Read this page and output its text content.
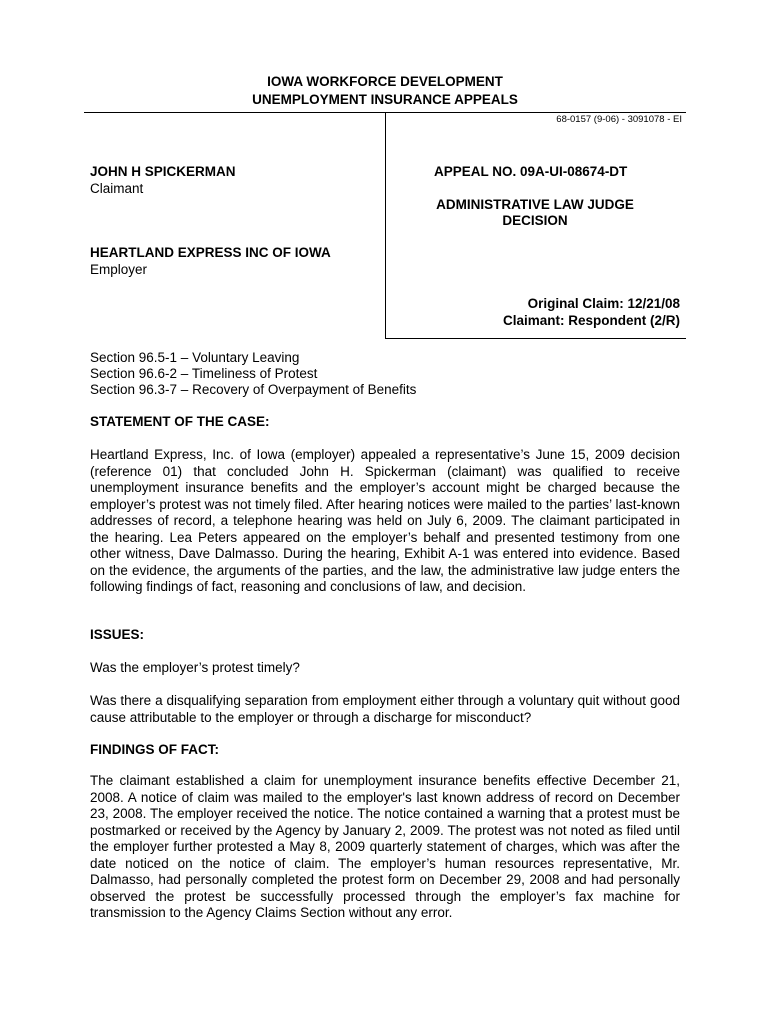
IOWA WORKFORCE DEVELOPMENT
UNEMPLOYMENT INSURANCE APPEALS
68-0157 (9-06) - 3091078 - EI
JOHN H SPICKERMAN
Claimant
HEARTLAND EXPRESS INC OF IOWA
Employer
APPEAL NO. 09A-UI-08674-DT
ADMINISTRATIVE LAW JUDGE
DECISION
Original Claim: 12/21/08
Claimant: Respondent (2/R)
Section 96.5-1 – Voluntary Leaving
Section 96.6-2 – Timeliness of Protest
Section 96.3-7 – Recovery of Overpayment of Benefits
STATEMENT OF THE CASE:
Heartland Express, Inc. of Iowa (employer) appealed a representative’s June 15, 2009 decision (reference 01) that concluded John H. Spickerman (claimant) was qualified to receive unemployment insurance benefits and the employer’s account might be charged because the employer’s protest was not timely filed. After hearing notices were mailed to the parties’ last-known addresses of record, a telephone hearing was held on July 6, 2009. The claimant participated in the hearing. Lea Peters appeared on the employer’s behalf and presented testimony from one other witness, Dave Dalmasso. During the hearing, Exhibit A-1 was entered into evidence. Based on the evidence, the arguments of the parties, and the law, the administrative law judge enters the following findings of fact, reasoning and conclusions of law, and decision.
ISSUES:
Was the employer’s protest timely?
Was there a disqualifying separation from employment either through a voluntary quit without good cause attributable to the employer or through a discharge for misconduct?
FINDINGS OF FACT:
The claimant established a claim for unemployment insurance benefits effective December 21, 2008. A notice of claim was mailed to the employer's last known address of record on December 23, 2008. The employer received the notice. The notice contained a warning that a protest must be postmarked or received by the Agency by January 2, 2009. The protest was not noted as filed until the employer further protested a May 8, 2009 quarterly statement of charges, which was after the date noticed on the notice of claim. The employer’s human resources representative, Mr. Dalmasso, had personally completed the protest form on December 29, 2008 and had personally observed the protest be successfully processed through the employer’s fax machine for transmission to the Agency Claims Section without any error.
